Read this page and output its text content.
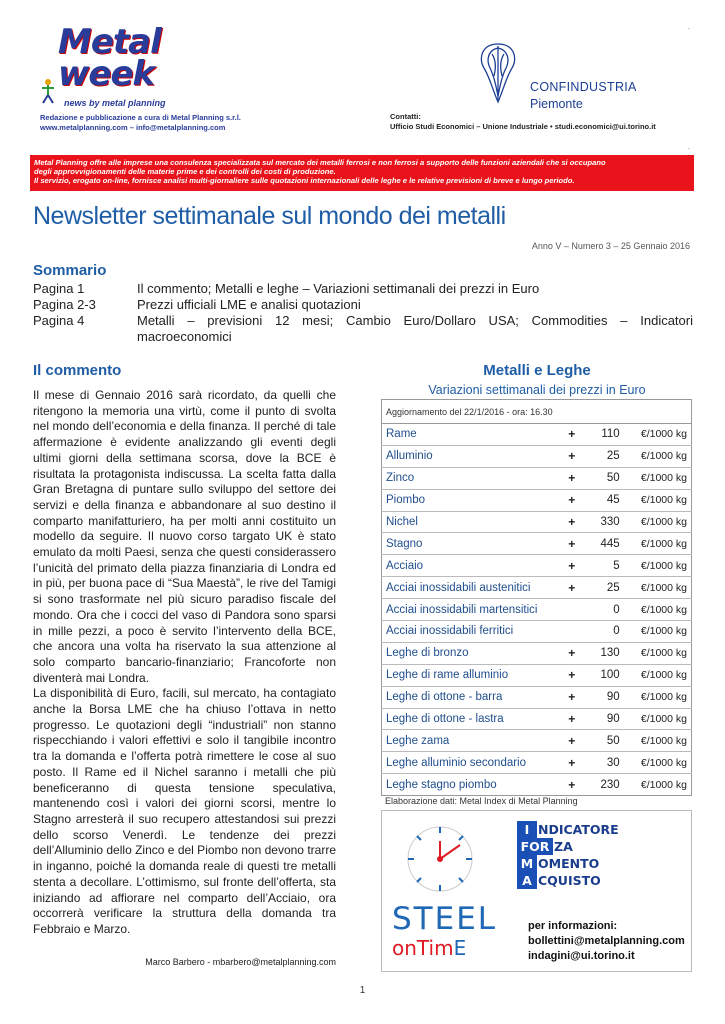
Metal
week
news by metal planning
Redazione e pubblicazione a cura di Metal Planning s.r.l.
www.metalplanning.com – info@metalplanning.com
CONFINDUSTRIA
Piemonte
Contatti:
Ufficio Studi Economici – Unione Industriale • studi.economici@ui.torino.it
.
.
Metal Planning offre alle imprese una consulenza specializzata sul mercato dei metalli ferrosi e non ferrosi a supporto delle funzioni aziendali che si occupano
degli approvvigionamenti delle materie prime e dei controlli dei costi di produzione.
Il servizio, erogato on-line, fornisce analisi multi-giornaliere sulle quotazioni internazionali delle leghe e le relative previsioni di breve e lungo periodo.
Newsletter settimanale sul mondo dei metalli
Anno V – Numero 3 – 25 Gennaio 2016
Sommario
Pagina 1	Il commento; Metalli e leghe – Variazioni settimanali dei prezzi in Euro
Pagina 2-3	Prezzi ufficiali LME e analisi quotazioni
Pagina 4	Metalli – previsioni 12 mesi; Cambio Euro/Dollaro USA; Commodities – Indicatori macroeconomici
Il commento

Il mese di Gennaio 2016 sarà ricordato, da quelli che ritengono la memoria una virtù, come il punto di svolta nel mondo dell’economia e della finanza. Il perché di tale affermazione è evidente analizzando gli eventi degli ultimi giorni della settimana scorsa, dove la BCE è risultata la protagonista indiscussa. La scelta fatta dalla Gran Bretagna di puntare sullo sviluppo del settore dei servizi e della finanza e abbandonare al suo destino il comparto manifatturiero, ha per molti anni costituito un modello da seguire. Il nuovo corso targato UK è stato emulato da molti Paesi, senza che questi considerassero l’unicità del primato della piazza finanziaria di Londra ed in più, per buona pace di “Sua Maestà”, le rive del Tamigi si sono trasformate nel più sicuro paradiso fiscale del mondo. Ora che i cocci del vaso di Pandora sono sparsi in mille pezzi, a poco è servito l’intervento della BCE, che ancora una volta ha riservato la sua attenzione al solo comparto bancario-finanziario; Francoforte non diventerà mai Londra.

La disponibilità di Euro, facili, sul mercato, ha contagiato anche la Borsa LME che ha chiuso l’ottava in netto progresso. Le quotazioni degli “industriali” non stanno rispecchiando i valori effettivi e solo il tangibile incontro tra la domanda e l’offerta potrà rimettere le cose al suo posto. Il Rame ed il Nichel saranno i metalli che più beneficeranno di questa tensione speculativa, mantenendo così i valori dei giorni scorsi, mentre lo Stagno arresterà il suo recupero attestandosi sui prezzi dello scorso Venerdì. Le tendenze dei prezzi dell’Alluminio dello Zinco e del Piombo non devono trarre in inganno, poiché la domanda reale di questi tre metalli stenta a decollare. L’ottimismo, sul fronte dell’offerta, sta iniziando ad affiorare nel comparto dell’Acciaio, ora occorrerà verificare la struttura della domanda tra Febbraio e Marzo.

Marco Barbero - mbarbero@metalplanning.com
Metalli e Leghe
Variazioni settimanali dei prezzi in Euro
Aggiornamento del 22/1/2016 - ora: 16.30			
Rame	+	110	€/1000 kg
Alluminio	+	25	€/1000 kg
Zinco	+	50	€/1000 kg
Piombo	+	45	€/1000 kg
Nichel	+	330	€/1000 kg
Stagno	+	445	€/1000 kg
Acciaio	+	5	€/1000 kg
Acciai inossidabili austenitici	+	25	€/1000 kg
Acciai inossidabili martensitici		0	€/1000 kg
Acciai inossidabili ferritici		0	€/1000 kg
Leghe di bronzo	+	130	€/1000 kg
Leghe di rame alluminio	+	100	€/1000 kg
Leghe di ottone - barra	+	90	€/1000 kg
Leghe di ottone - lastra	+	90	€/1000 kg
Leghe zama	+	50	€/1000 kg
Leghe alluminio secondario	+	30	€/1000 kg
Leghe stagno piombo	+	230	€/1000 kg
Elaborazione dati: Metal Index di Metal Planning
I NDICATORE
FOR ZA
M OMENTO
A CQUISTO
STEEL
onTimE
per informazioni:
bollettini@metalplanning.com
indagini@ui.torino.it
1
